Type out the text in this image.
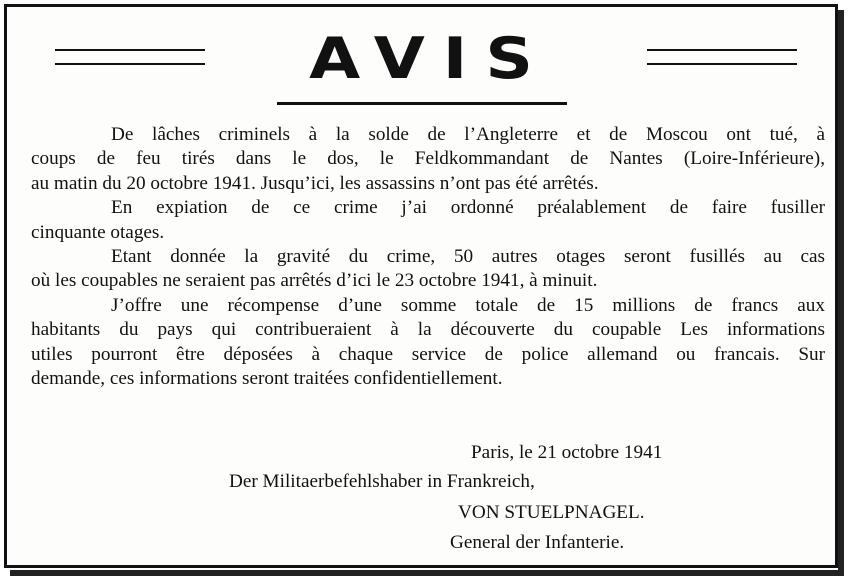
AVIS

De lâches criminels à la solde de l’Angleterre et de Moscou ont tué, à
coups de feu tirés dans le dos, le Feldkommandant de Nantes (Loire-Inférieure),
au matin du 20 octobre 1941. Jusqu’ici, les assassins n’ont pas été arrêtés.

En expiation de ce crime j’ai ordonné préalablement de faire fusiller
cinquante otages.

Etant donnée la gravité du crime, 50 autres otages seront fusillés au cas
où les coupables ne seraient pas arrêtés d’ici le 23 octobre 1941, à minuit.

J’offre une récompense d’une somme totale de 15 millions de francs aux
habitants du pays qui contribueraient à la découverte du coupable Les informations
utiles pourront être déposées à chaque service de police allemand ou francais. Sur
demande, ces informations seront traitées confidentiellement.

Paris, le 21 octobre 1941
Der Militaerbefehlshaber in Frankreich,
VON STUELPNAGEL.
General der Infanterie.
